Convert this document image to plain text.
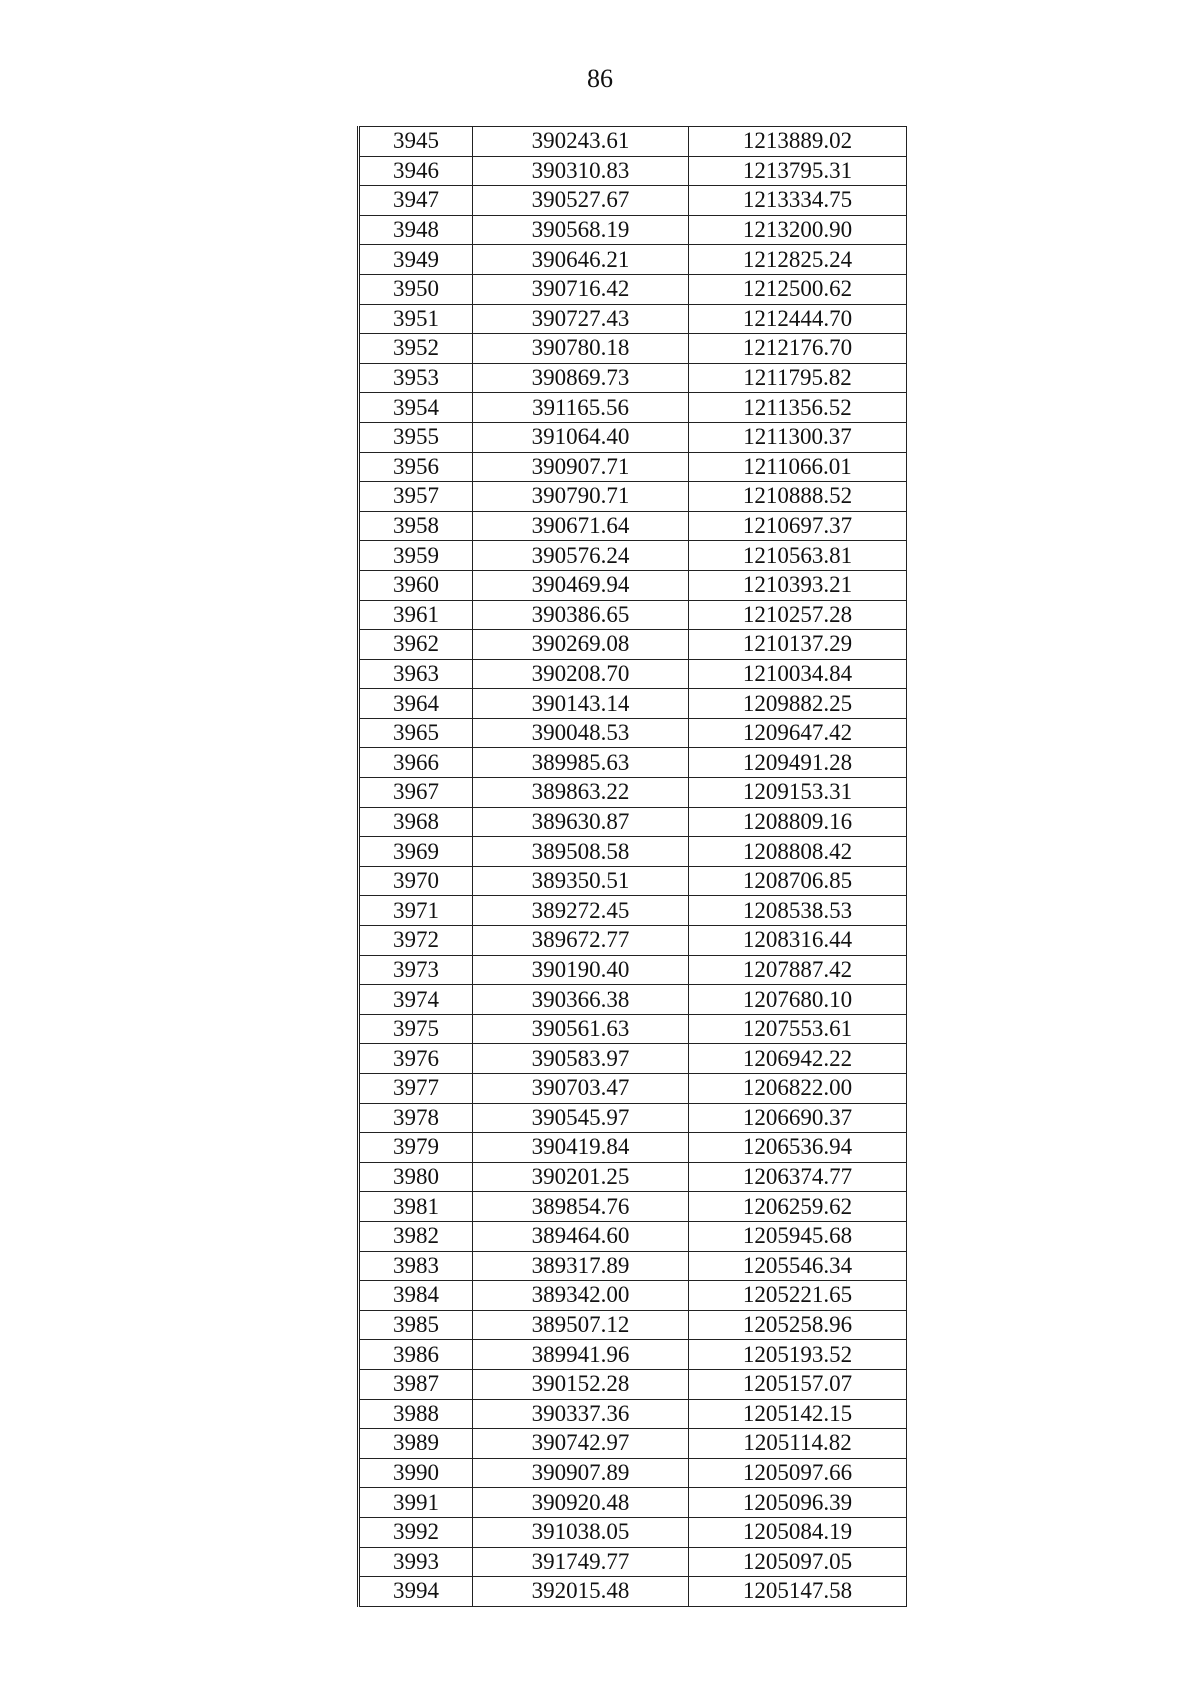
86
3945	390243.61	1213889.02
3946	390310.83	1213795.31
3947	390527.67	1213334.75
3948	390568.19	1213200.90
3949	390646.21	1212825.24
3950	390716.42	1212500.62
3951	390727.43	1212444.70
3952	390780.18	1212176.70
3953	390869.73	1211795.82
3954	391165.56	1211356.52
3955	391064.40	1211300.37
3956	390907.71	1211066.01
3957	390790.71	1210888.52
3958	390671.64	1210697.37
3959	390576.24	1210563.81
3960	390469.94	1210393.21
3961	390386.65	1210257.28
3962	390269.08	1210137.29
3963	390208.70	1210034.84
3964	390143.14	1209882.25
3965	390048.53	1209647.42
3966	389985.63	1209491.28
3967	389863.22	1209153.31
3968	389630.87	1208809.16
3969	389508.58	1208808.42
3970	389350.51	1208706.85
3971	389272.45	1208538.53
3972	389672.77	1208316.44
3973	390190.40	1207887.42
3974	390366.38	1207680.10
3975	390561.63	1207553.61
3976	390583.97	1206942.22
3977	390703.47	1206822.00
3978	390545.97	1206690.37
3979	390419.84	1206536.94
3980	390201.25	1206374.77
3981	389854.76	1206259.62
3982	389464.60	1205945.68
3983	389317.89	1205546.34
3984	389342.00	1205221.65
3985	389507.12	1205258.96
3986	389941.96	1205193.52
3987	390152.28	1205157.07
3988	390337.36	1205142.15
3989	390742.97	1205114.82
3990	390907.89	1205097.66
3991	390920.48	1205096.39
3992	391038.05	1205084.19
3993	391749.77	1205097.05
3994	392015.48	1205147.58
